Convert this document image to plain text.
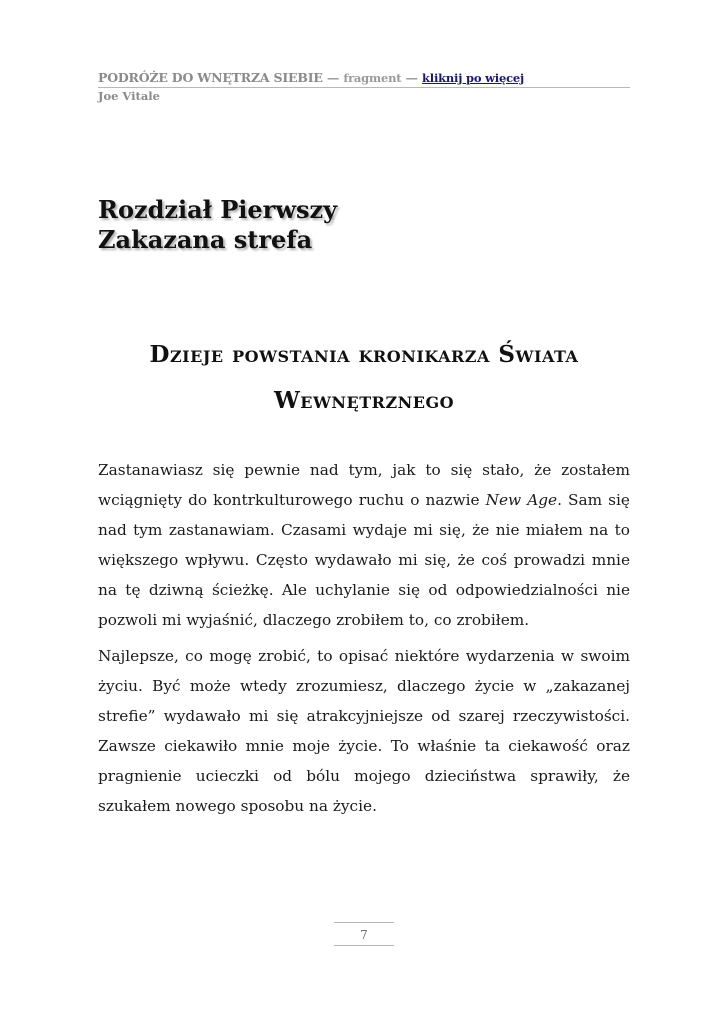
PODRÓŻE DO WNĘTRZA SIEBIE — fragment — kliknij po więcej
Joe Vitale
Rozdział Pierwszy
Zakazana strefa
Dzieje powstania kronikarza Świata
Wewnętrznego

Zastanawiasz się pewnie nad tym, jak to się stało, że zostałem wciągnięty do kontrkulturowego ruchu o nazwie New Age. Sam się nad tym zastanawiam. Czasami wydaje mi się, że nie miałem na to większego wpływu. Często wydawało mi się, że coś prowadzi mnie na tę dziwną ścieżkę. Ale uchylanie się od odpowiedzialności nie pozwoli mi wyjaśnić, dlaczego zrobiłem to, co zrobiłem.

Najlepsze, co mogę zrobić, to opisać niektóre wydarzenia w swoim życiu. Być może wtedy zrozumiesz, dlaczego życie w „zakazanej strefie” wydawało mi się atrakcyjniejsze od szarej rzeczywistości. Zawsze ciekawiło mnie moje życie. To właśnie ta ciekawość oraz pragnienie ucieczki od bólu mojego dzieciństwa sprawiły, że szukałem nowego sposobu na życie.

7
